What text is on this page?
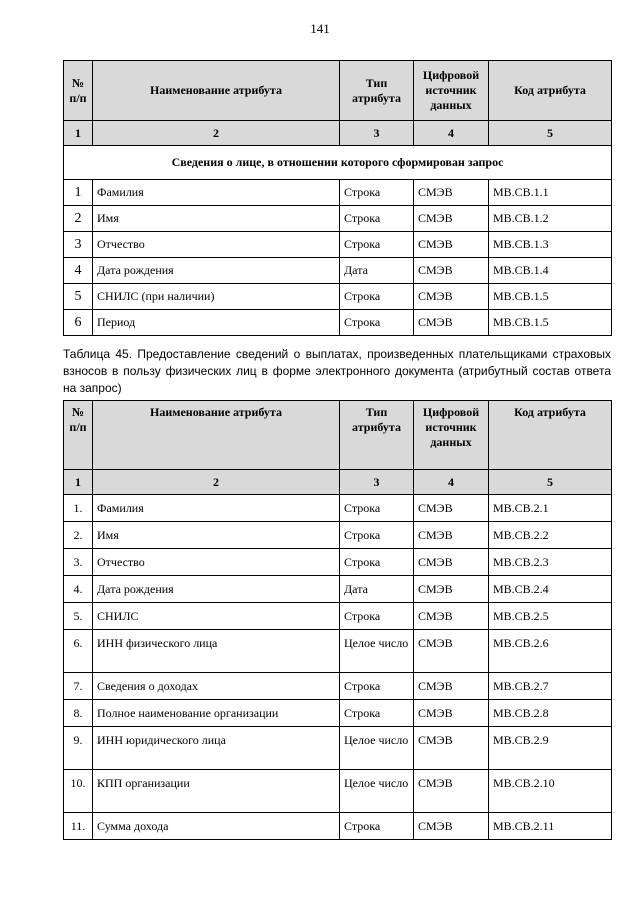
141
№ п/п	Наименование атрибута	Тип атрибута	Цифровой источник данных	Код атрибута
1	2	3	4	5
Сведения о лице, в отношении которого сформирован запрос				
1	Фамилия	Строка	СМЭВ	MB.CB.1.1
2	Имя	Строка	СМЭВ	MB.CB.1.2
3	Отчество	Строка	СМЭВ	MB.CB.1.3
4	Дата рождения	Дата	СМЭВ	MB.CB.1.4
5	СНИЛС (при наличии)	Строка	СМЭВ	MB.CB.1.5
6	Период	Строка	СМЭВ	MB.CB.1.5
Таблица 45. Предоставление сведений о выплатах, произведенных плательщиками страховых взносов в пользу физических лиц в форме электронного документа (атрибутный состав ответа на запрос)
№ п/п	Наименование атрибута	Тип атрибута	Цифровой источник данных	Код атрибута
1	2	3	4	5
1.	Фамилия	Строка	СМЭВ	MB.CB.2.1
2.	Имя	Строка	СМЭВ	MB.CB.2.2
3.	Отчество	Строка	СМЭВ	MB.CB.2.3
4.	Дата рождения	Дата	СМЭВ	MB.CB.2.4
5.	СНИЛС	Строка	СМЭВ	MB.CB.2.5
6.	ИНН физического лица	Целое число	СМЭВ	MB.CB.2.6
7.	Сведения о доходах	Строка	СМЭВ	MB.CB.2.7
8.	Полное наименование организации	Строка	СМЭВ	MB.CB.2.8
9.	ИНН юридического лица	Целое число	СМЭВ	MB.CB.2.9
10.	КПП организации	Целое число	СМЭВ	MB.CB.2.10
11.	Сумма дохода	Строка	СМЭВ	MB.CB.2.11
